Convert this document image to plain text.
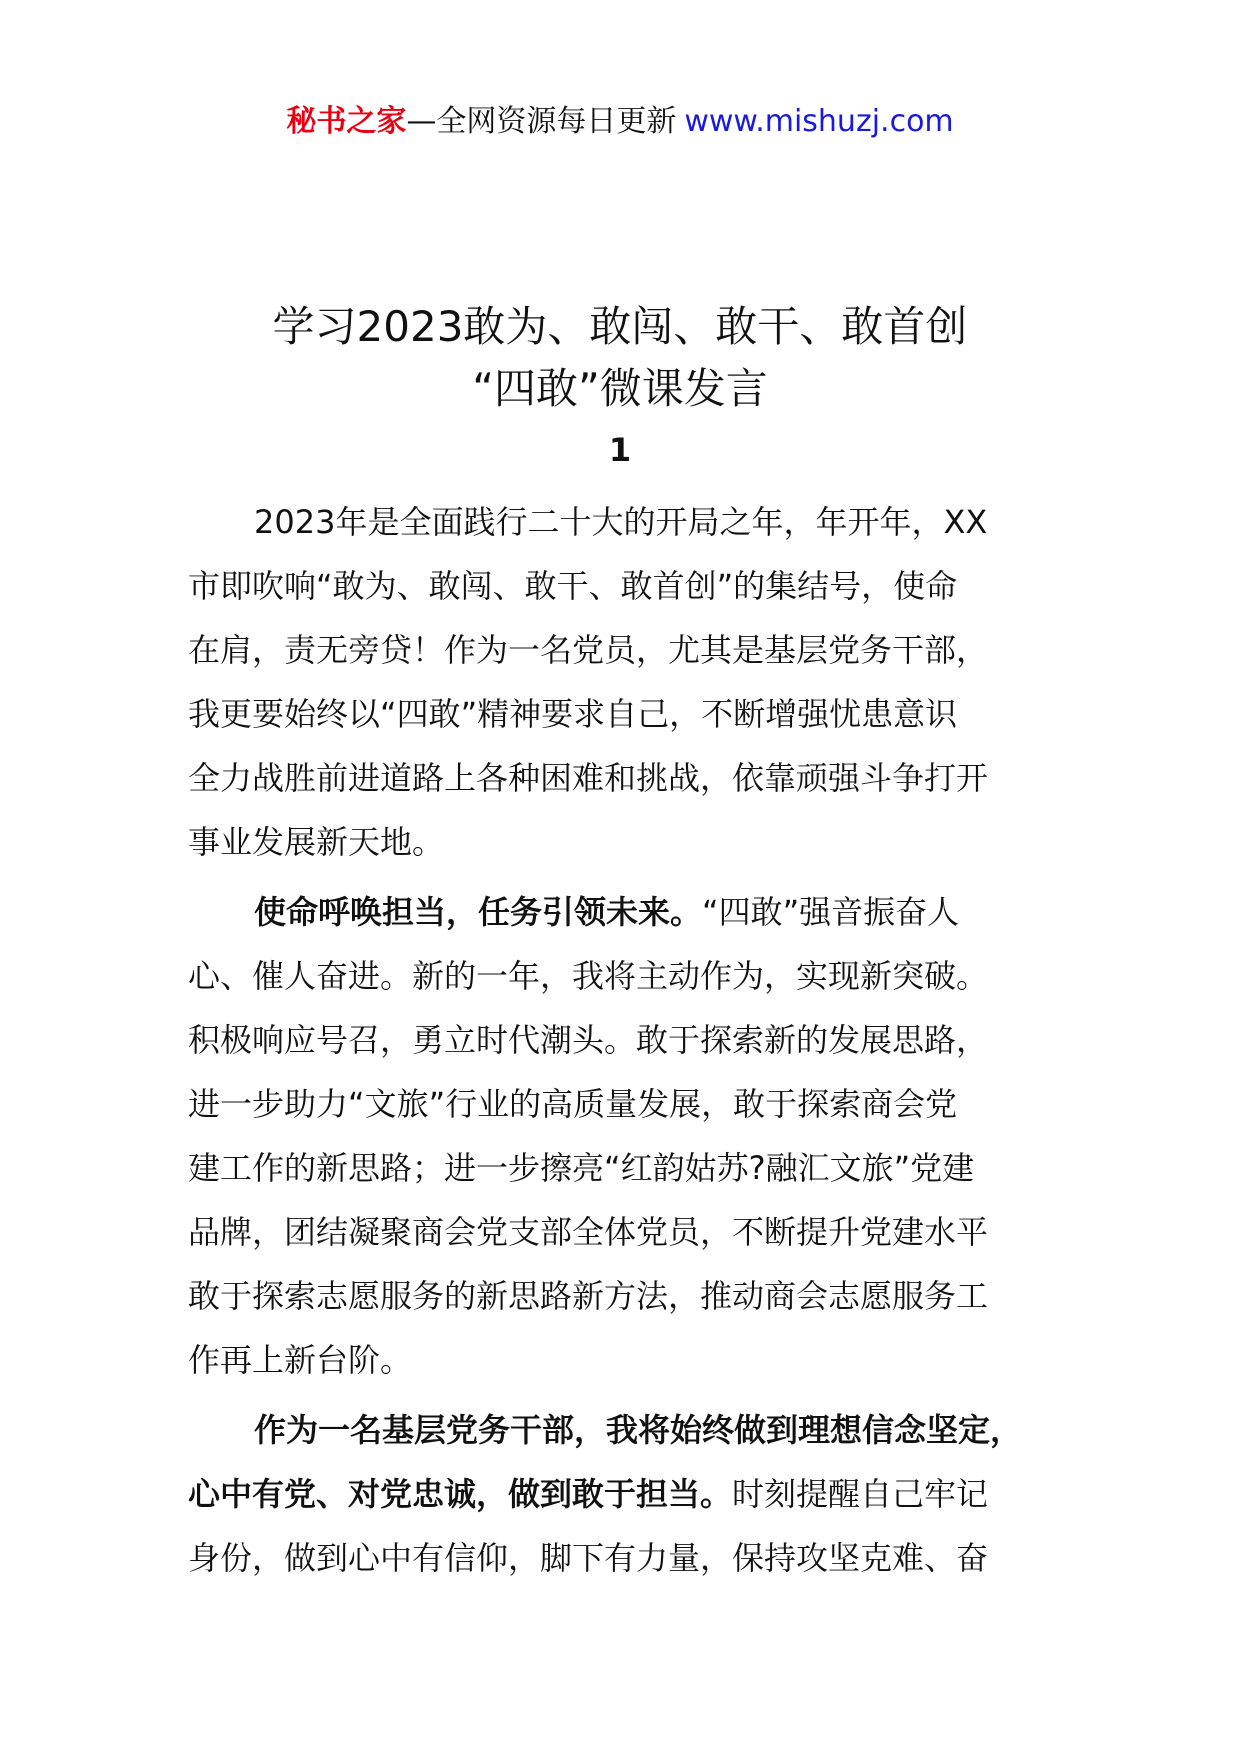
秘书之家—全网资源每日更新 www.mishuzj.com
学习2023敢为、敢闯、敢干、敢首创
“四敢”微课发言
1
2023年是全面践行二十大的开局之年，年开年，XX
市即吹响“敢为、敢闯、敢干、敢首创”的集结号，使命
在肩，责无旁贷！作为一名党员，尤其是基层党务干部，
我更要始终以“四敢”精神要求自己，不断增强忧患意识
全力战胜前进道路上各种困难和挑战，依靠顽强斗争打开
事业发展新天地。
使命呼唤担当，任务引领未来。“四敢”强音振奋人
心、催人奋进。新的一年，我将主动作为，实现新突破。
积极响应号召，勇立时代潮头。敢于探索新的发展思路，
进一步助力“文旅”行业的高质量发展，敢于探索商会党
建工作的新思路；进一步擦亮“红韵姑苏?融汇文旅”党建
品牌，团结凝聚商会党支部全体党员，不断提升党建水平
敢于探索志愿服务的新思路新方法，推动商会志愿服务工
作再上新台阶。
作为一名基层党务干部，我将始终做到理想信念坚定，
心中有党、对党忠诚，做到敢于担当。时刻提醒自己牢记
身份，做到心中有信仰，脚下有力量，保持攻坚克难、奋
